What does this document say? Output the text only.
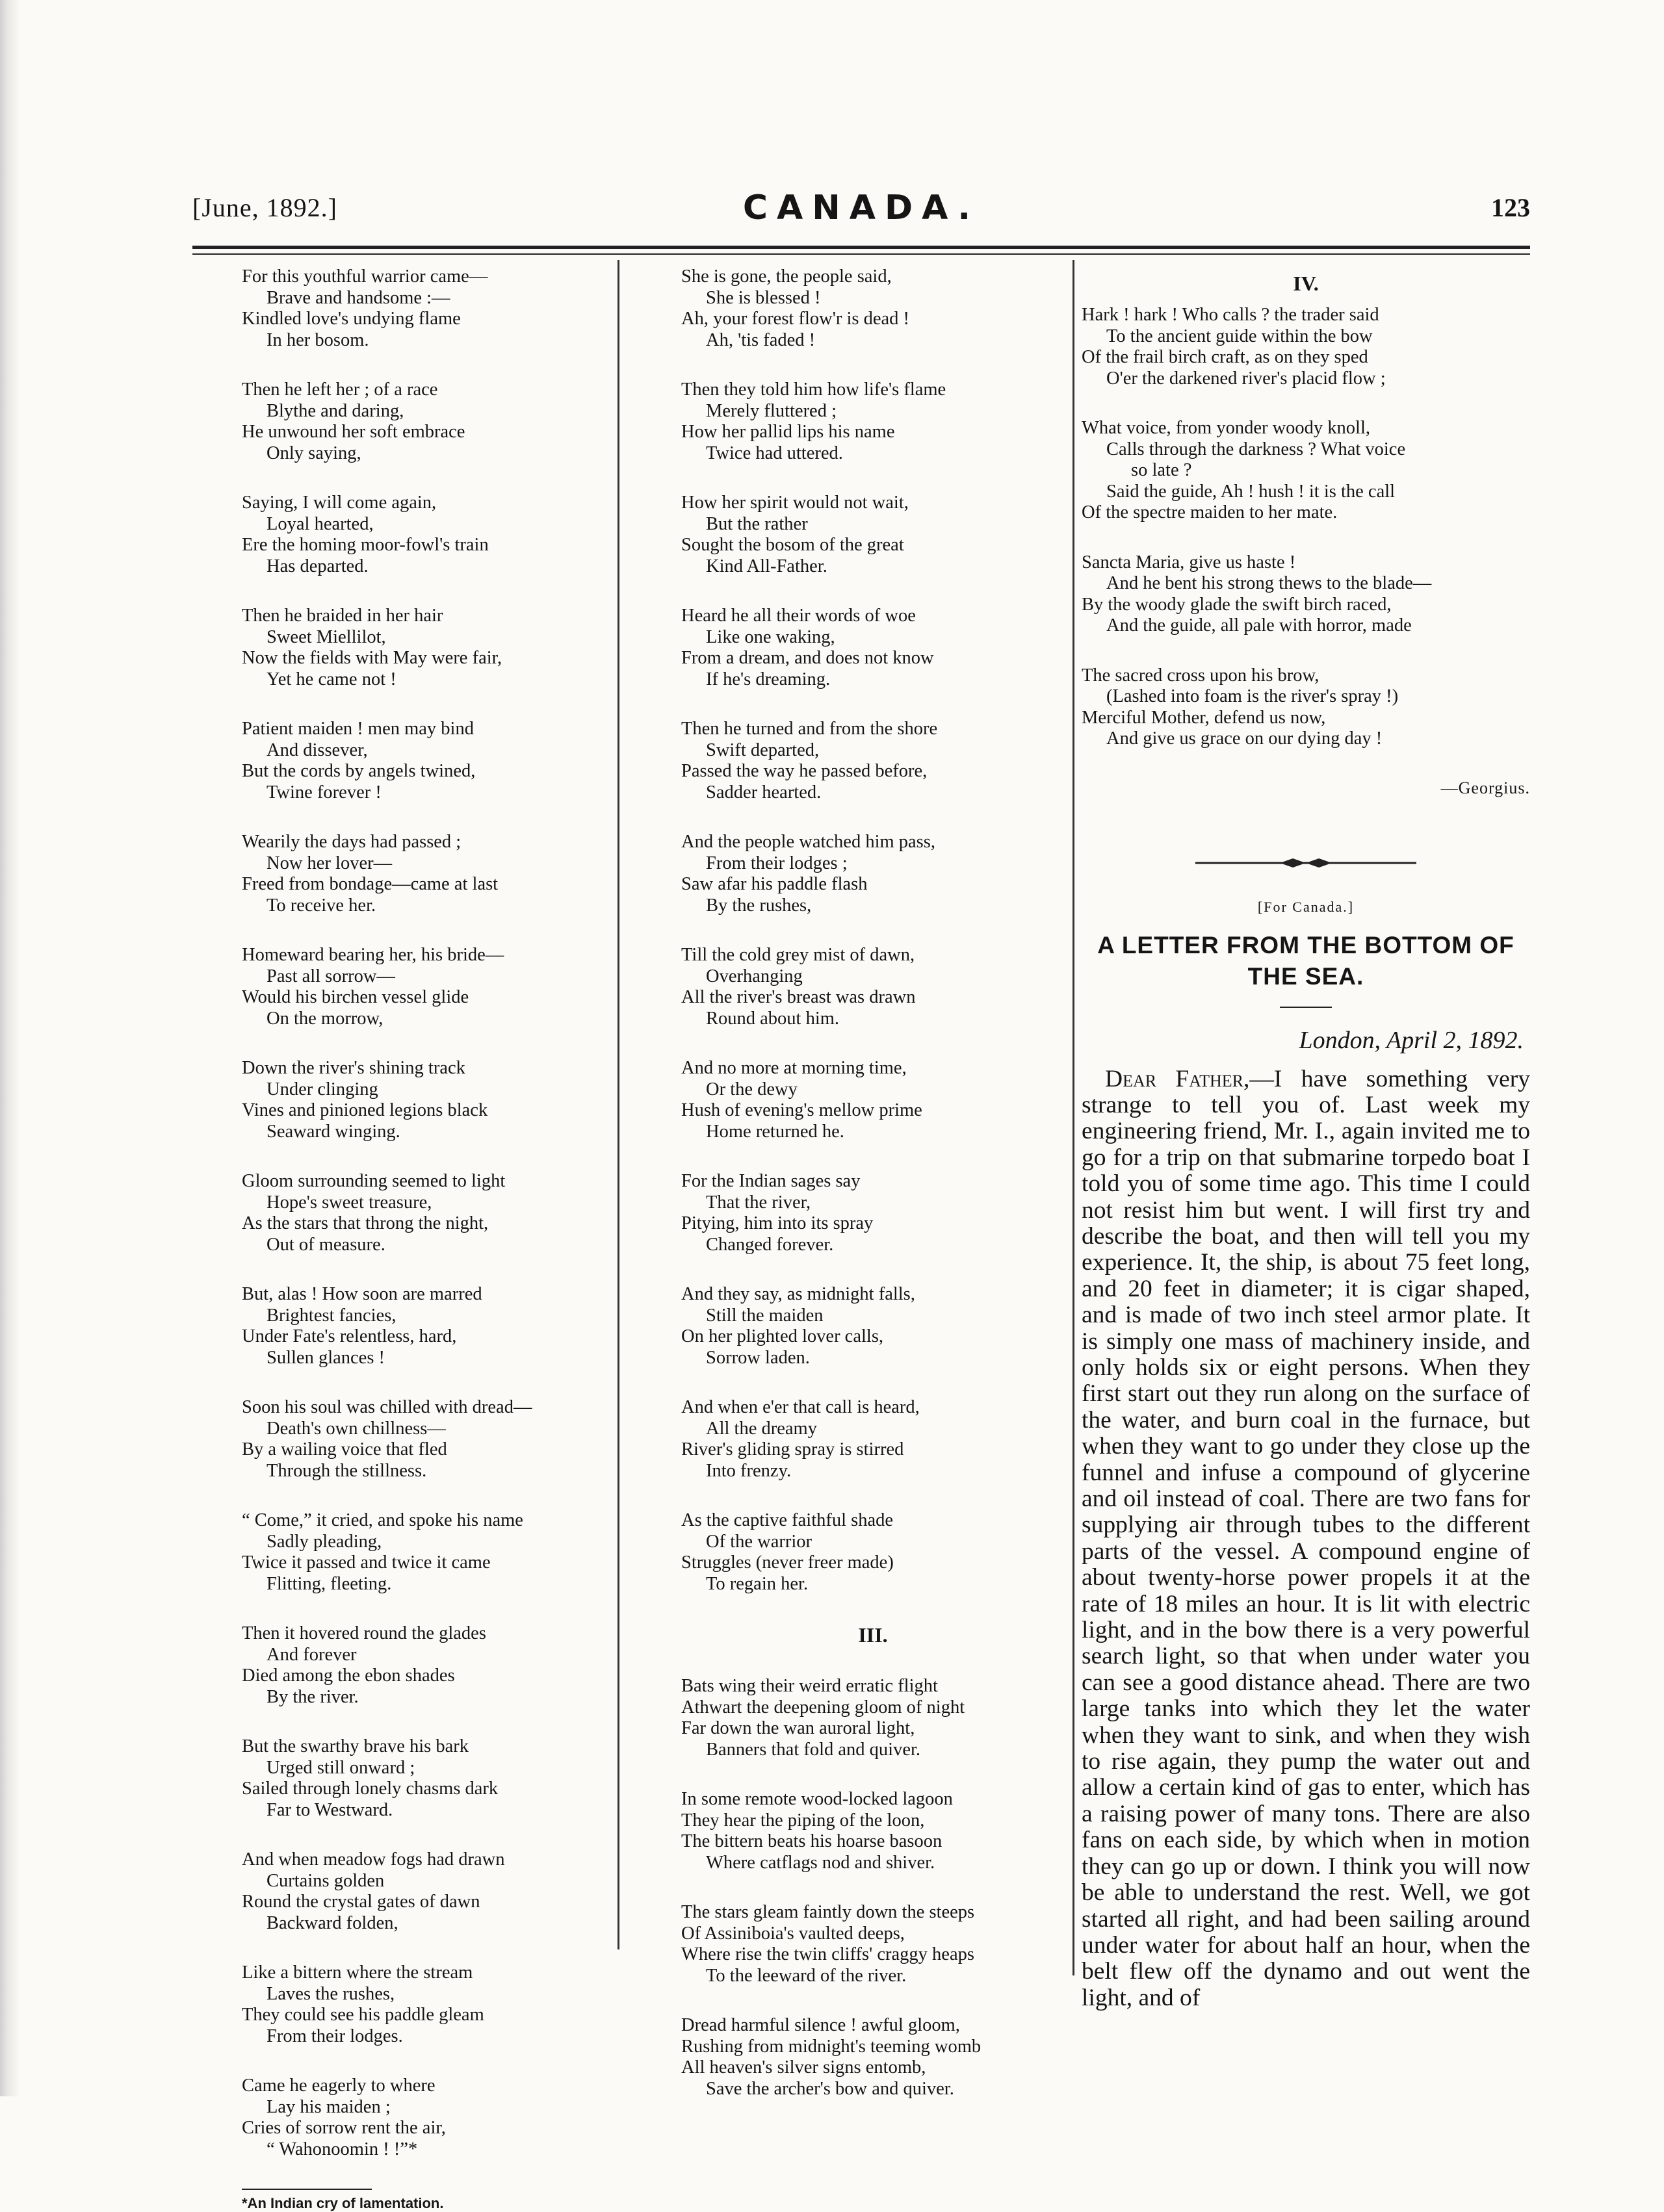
[June, 1892.]	CANADA.	123
For this youthful warrior came—
Brave and handsome :—
Kindled love's undying flame
In her bosom.
Then he left her ; of a race
Blythe and daring,
He unwound her soft embrace
Only saying,
Saying, I will come again,
Loyal hearted,
Ere the homing moor-fowl's train
Has departed.
Then he braided in her hair
Sweet Miellilot,
Now the fields with May were fair,
Yet he came not !
Patient maiden ! men may bind
And dissever,
But the cords by angels twined,
Twine forever !
Wearily the days had passed ;
Now her lover—
Freed from bondage—came at last
To receive her.
Homeward bearing her, his bride—
Past all sorrow—
Would his birchen vessel glide
On the morrow,
Down the river's shining track
Under clinging
Vines and pinioned legions black
Seaward winging.
Gloom surrounding seemed to light
Hope's sweet treasure,
As the stars that throng the night,
Out of measure.
But, alas ! How soon are marred
Brightest fancies,
Under Fate's relentless, hard,
Sullen glances !
Soon his soul was chilled with dread—
Death's own chillness—
By a wailing voice that fled
Through the stillness.
“ Come,” it cried, and spoke his name
Sadly pleading,
Twice it passed and twice it came
Flitting, fleeting.
Then it hovered round the glades
And forever
Died among the ebon shades
By the river.
But the swarthy brave his bark
Urged still onward ;
Sailed through lonely chasms dark
Far to Westward.
And when meadow fogs had drawn
Curtains golden
Round the crystal gates of dawn
Backward folden,
Like a bittern where the stream
Laves the rushes,
They could see his paddle gleam
From their lodges.
Came he eagerly to where
Lay his maiden ;
Cries of sorrow rent the air,
“ Wahonoomin ! !”*
*An Indian cry of lamentation.
She is gone, the people said,
She is blessed !
Ah, your forest flow'r is dead !
Ah, 'tis faded !
Then they told him how life's flame
Merely fluttered ;
How her pallid lips his name
Twice had uttered.
How her spirit would not wait,
But the rather
Sought the bosom of the great
Kind All-Father.
Heard he all their words of woe
Like one waking,
From a dream, and does not know
If he's dreaming.
Then he turned and from the shore
Swift departed,
Passed the way he passed before,
Sadder hearted.
And the people watched him pass,
From their lodges ;
Saw afar his paddle flash
By the rushes,
Till the cold grey mist of dawn,
Overhanging
All the river's breast was drawn
Round about him.
And no more at morning time,
Or the dewy
Hush of evening's mellow prime
Home returned he.
For the Indian sages say
That the river,
Pitying, him into its spray
Changed forever.
And they say, as midnight falls,
Still the maiden
On her plighted lover calls,
Sorrow laden.
And when e'er that call is heard,
All the dreamy
River's gliding spray is stirred
Into frenzy.
As the captive faithful shade
Of the warrior
Struggles (never freer made)
To regain her.
III.
Bats wing their weird erratic flight
Athwart the deepening gloom of night
Far down the wan auroral light,
Banners that fold and quiver.
In some remote wood-locked lagoon
They hear the piping of the loon,
The bittern beats his hoarse basoon
Where catflags nod and shiver.
The stars gleam faintly down the steeps
Of Assiniboia's vaulted deeps,
Where rise the twin cliffs' craggy heaps
To the leeward of the river.
Dread harmful silence ! awful gloom,
Rushing from midnight's teeming womb
All heaven's silver signs entomb,
Save the archer's bow and quiver.
IV.
Hark ! hark ! Who calls ? the trader said
To the ancient guide within the bow
Of the frail birch craft, as on they sped
O'er the darkened river's placid flow ;
What voice, from yonder woody knoll,
Calls through the darkness ? What voice
so late ?
Said the guide, Ah ! hush ! it is the call
Of the spectre maiden to her mate.
Sancta Maria, give us haste !
And he bent his strong thews to the blade—
By the woody glade the swift birch raced,
And the guide, all pale with horror, made
The sacred cross upon his brow,
(Lashed into foam is the river's spray !)
Merciful Mother, defend us now,
And give us grace on our dying day !
—Georgius.
[For Canada.]
A LETTER FROM THE BOTTOM OF
THE SEA.
London, April 2, 1892.

Dear Father,—I have something very strange to tell you of. Last week my engineering friend, Mr. I., again invited me to go for a trip on that submarine torpedo boat I told you of some time ago. This time I could not resist him but went. I will first try and describe the boat, and then will tell you my experience. It, the ship, is about 75 feet long, and 20 feet in diameter; it is cigar shaped, and is made of two inch steel armor plate. It is simply one mass of machinery inside, and only holds six or eight persons. When they first start out they run along on the surface of the water, and burn coal in the furnace, but when they want to go under they close up the funnel and infuse a compound of glycerine and oil instead of coal. There are two fans for supplying air through tubes to the different parts of the vessel. A compound engine of about twenty-horse power propels it at the rate of 18 miles an hour. It is lit with electric light, and in the bow there is a very powerful search light, so that when under water you can see a good distance ahead. There are two large tanks into which they let the water when they want to sink, and when they wish to rise again, they pump the water out and allow a certain kind of gas to enter, which has a raising power of many tons. There are also fans on each side, by which when in motion they can go up or down. I think you will now be able to understand the rest. Well, we got started all right, and had been sailing around under water for about half an hour, when the belt flew off the dynamo and out went the light, and of
